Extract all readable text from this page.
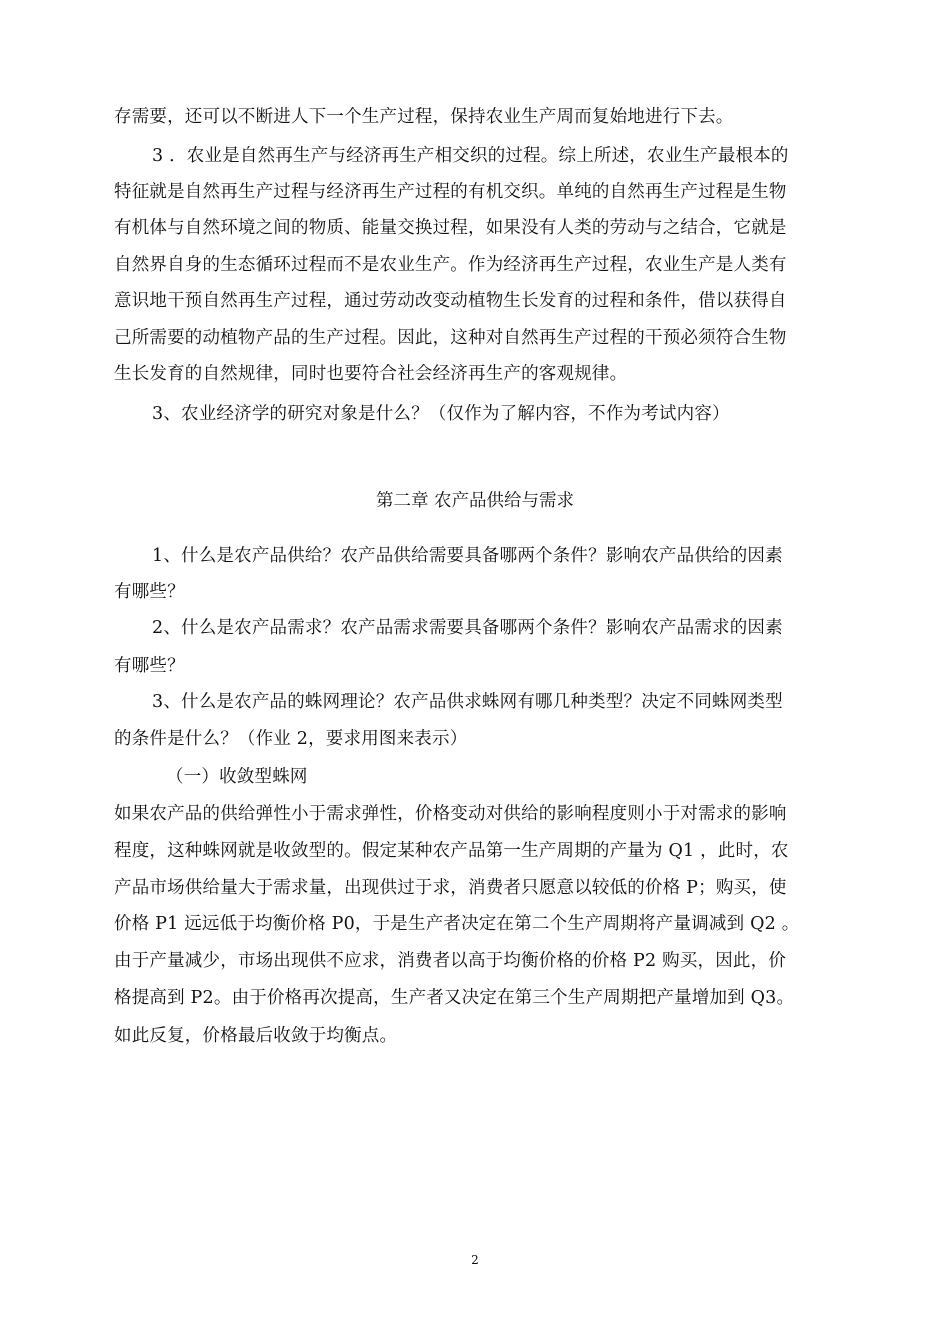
存需要，还可以不断进人下一个生产过程，保持农业生产周而复始地进行下去。
3 ．农业是自然再生产与经济再生产相交织的过程。综上所述，农业生产最根本的
特征就是自然再生产过程与经济再生产过程的有机交织。单纯的自然再生产过程是生物
有机体与自然环境之间的物质、能量交换过程，如果没有人类的劳动与之结合，它就是
自然界自身的生态循环过程而不是农业生产。作为经济再生产过程，农业生产是人类有
意识地干预自然再生产过程，通过劳动改变动植物生长发育的过程和条件，借以获得自
己所需要的动植物产品的生产过程。因此，这种对自然再生产过程的干预必须符合生物
生长发育的自然规律，同时也要符合社会经济再生产的客观规律。
3、农业经济学的研究对象是什么？（仅作为了解内容，不作为考试内容）
第二章 农产品供给与需求
1、什么是农产品供给？农产品供给需要具备哪两个条件？影响农产品供给的因素
有哪些？
2、什么是农产品需求？农产品需求需要具备哪两个条件？影响农产品需求的因素
有哪些？
3、什么是农产品的蛛网理论？农产品供求蛛网有哪几种类型？决定不同蛛网类型
的条件是什么？（作业 2，要求用图来表示）
（一）收敛型蛛网
如果农产品的供给弹性小于需求弹性，价格变动对供给的影响程度则小于对需求的影响
程度，这种蛛网就是收敛型的。假定某种农产品第一生产周期的产量为 Q1 ，此时，农
产品市场供给量大于需求量，出现供过于求，消费者只愿意以较低的价格 P；购买，使
价格 P1 远远低于均衡价格 P0，于是生产者决定在第二个生产周期将产量调减到 Q2 。
由于产量减少，市场出现供不应求，消费者以高于均衡价格的价格 P2 购买，因此，价
格提高到 P2。由于价格再次提高，生产者又决定在第三个生产周期把产量增加到 Q3。
如此反复，价格最后收敛于均衡点。
2
